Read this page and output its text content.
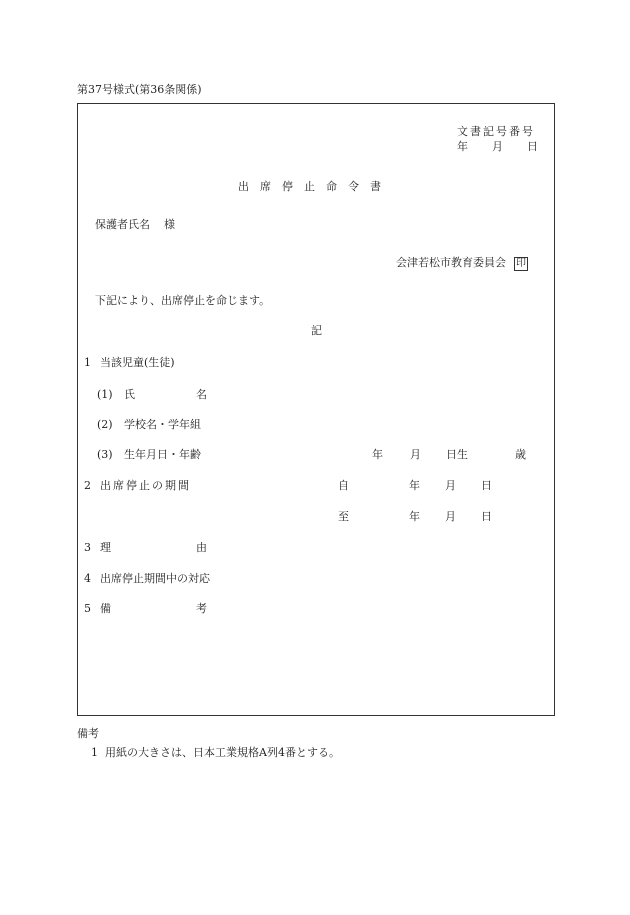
第37号様式(第36条関係)
文書記号番号
年 月 日
出席停止命令書
保護者氏名 様
会津若松市教育委員会 印
下記により、出席停止を命じます。
記
1 当該児童(生徒)
(1) 氏	名
(2) 学校名・学年組
(3) 生年月日・年齢	年 月 日生	歳
2 出席停止の期間	自	年 月 日
至	年 月 日
3 理	由
4 出席停止期間中の対応
5 備	考
備考
1 用紙の大きさは、日本工業規格A列4番とする。
